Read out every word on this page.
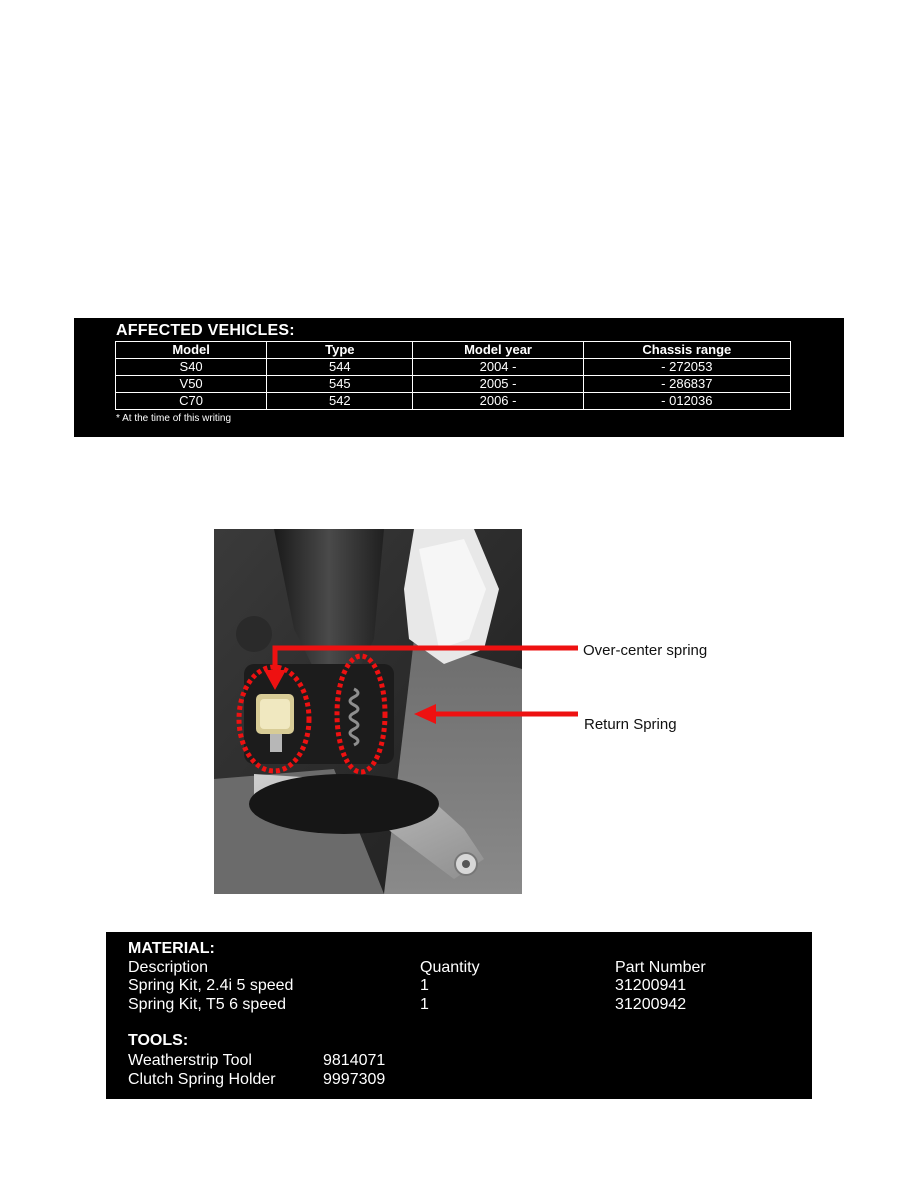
AFFECTED VEHICLES:
Model	Type	Model year	Chassis range
S40	544	2004 -	- 272053
V50	545	2005 -	- 286837
C70	542	2006 -	- 012036
* At the time of this writing
Over-center spring
Return Spring
MATERIAL:
Description	Quantity	Part Number
Spring Kit, 2.4i 5 speed	1	31200941
Spring Kit, T5 6 speed	1	31200942
TOOLS:
Weatherstrip Tool	9814071
Clutch Spring Holder	9997309
